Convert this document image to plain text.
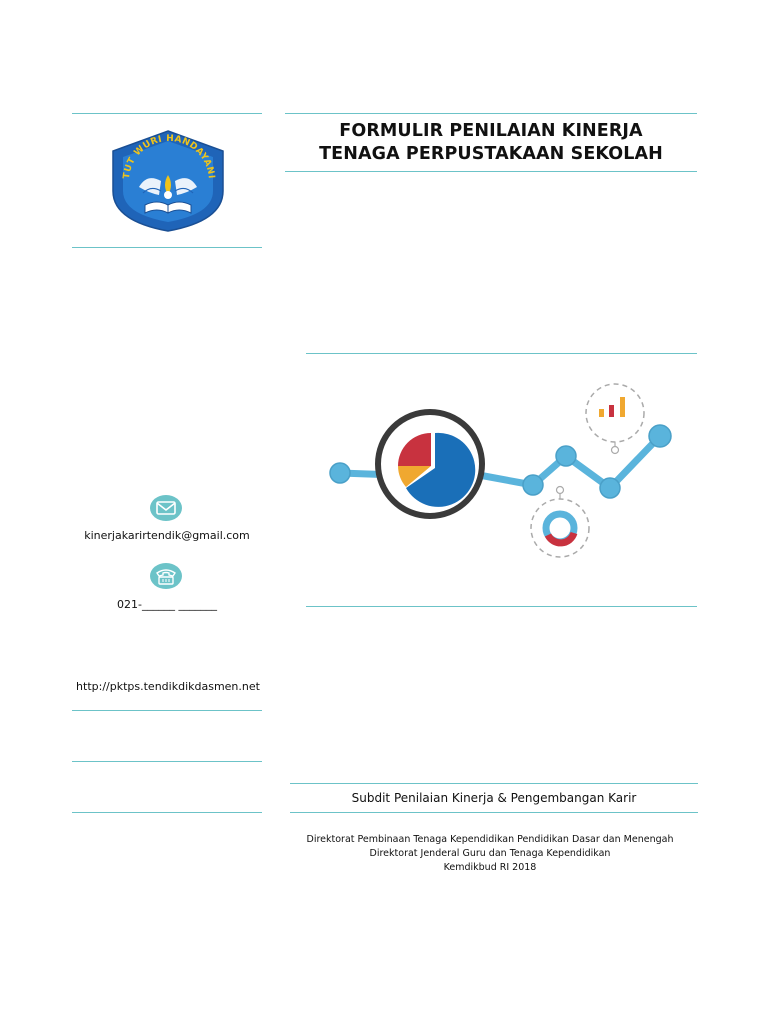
TUT WURI HANDAYANI
FORMULIR PENILAIAN KINERJA
TENAGA PERPUSTAKAAN SEKOLAH
kinerjakarirtendik@gmail.com
021-______ _______
http://pktps.tendikdikdasmen.net
Subdit Penilaian Kinerja & Pengembangan Karir
Direktorat Pembinaan Tenaga Kependidikan Pendidikan Dasar dan Menengah
Direktorat Jenderal Guru dan Tenaga Kependidikan
Kemdikbud RI 2018
